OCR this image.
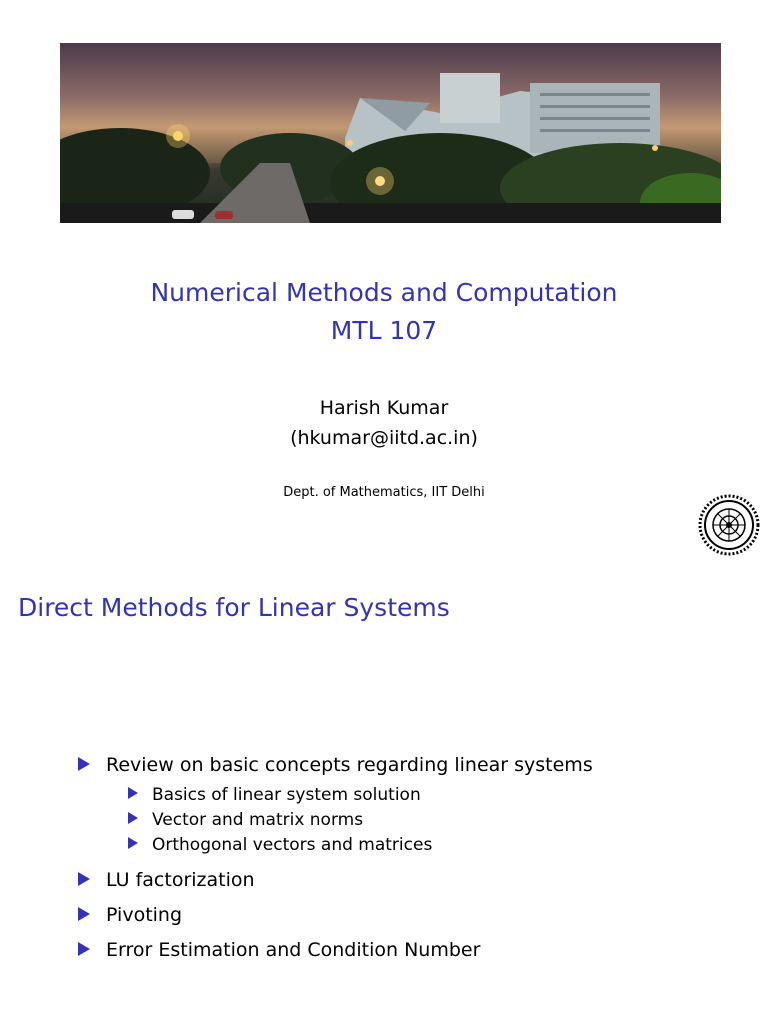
Numerical Methods and Computation
MTL 107
Harish Kumar
(hkumar@iitd.ac.in)
Dept. of Mathematics, IIT Delhi
Direct Methods for Linear Systems
Review on basic concepts regarding linear systems
Basics of linear system solution
Vector and matrix norms
Orthogonal vectors and matrices
LU factorization
Pivoting
Error Estimation and Condition Number
